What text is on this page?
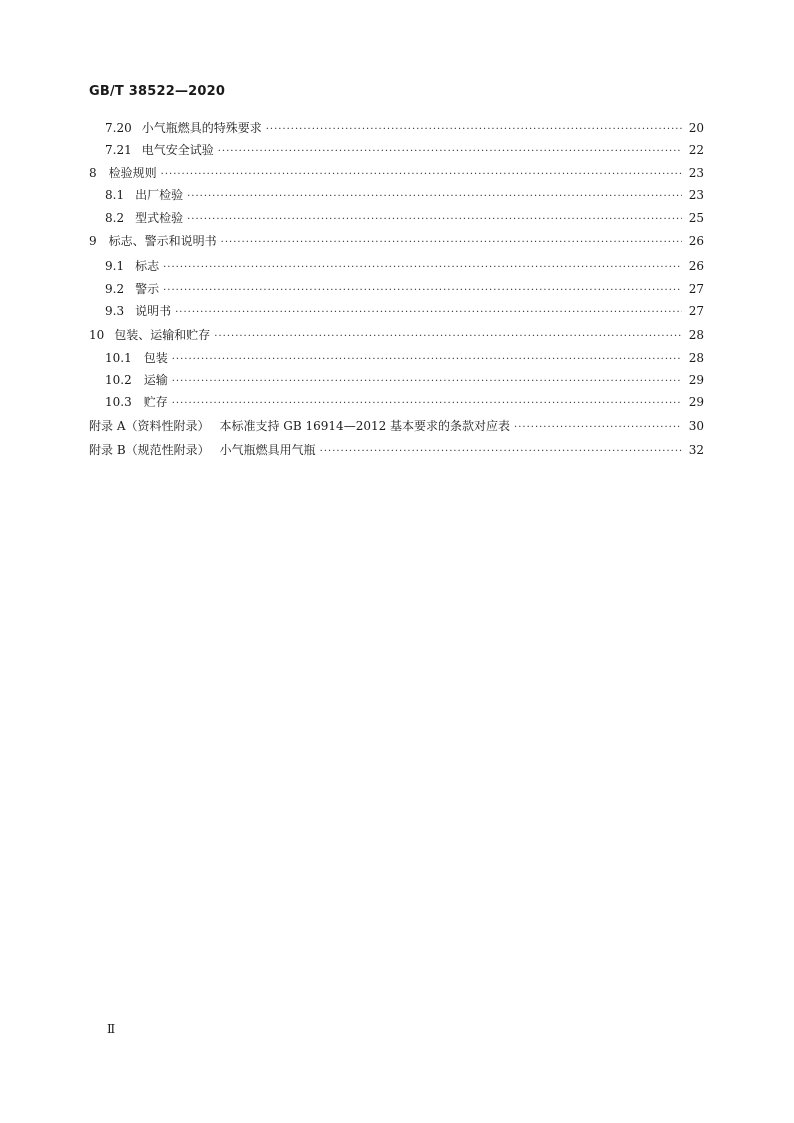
GB/T 38522—2020
7.20 小气瓶燃具的特殊要求 ·····	20
7.21 电气安全试验 ·····	22
8 检验规则 ·····	23
8.1 出厂检验 ·····	23
8.2 型式检验 ·····	25
9 标志、警示和说明书 ·····	26
9.1 标志 ·····	26
9.2 警示 ·····	27
9.3 说明书 ·····	27
10 包装、运输和贮存 ·····	28
10.1 包装 ·····	28
10.2 运输 ·····	29
10.3 贮存 ·····	29
附录 A（资料性附录） 本标准支持 GB 16914—2012 基本要求的条款对应表 ·····	30
附录 B（规范性附录） 小气瓶燃具用气瓶 ·····	32
Ⅱ
